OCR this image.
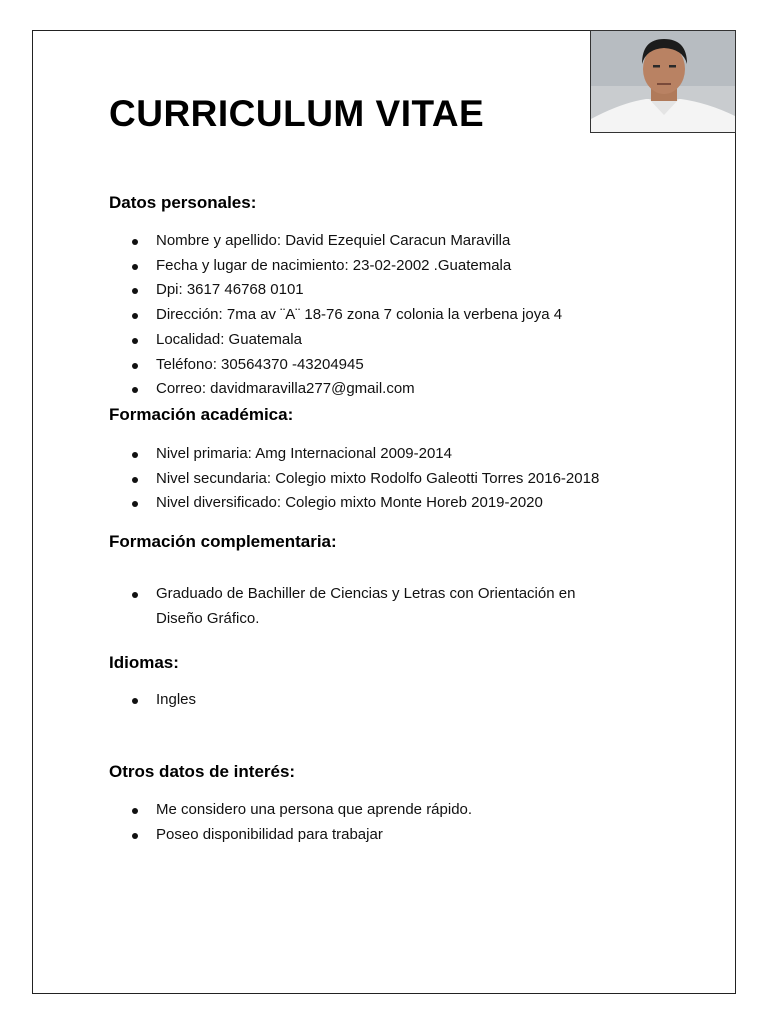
CURRICULUM VITAE
Datos personales:
Nombre y apellido: David Ezequiel Caracun Maravilla
Fecha y lugar de nacimiento: 23-02-2002 .Guatemala
Dpi: 3617 46768 0101
Dirección: 7ma av ¨A¨ 18-76 zona 7 colonia la verbena joya 4
Localidad: Guatemala
Teléfono: 30564370 -43204945
Correo: davidmaravilla277@gmail.com
Formación académica:
Nivel primaria: Amg Internacional 2009-2014
Nivel secundaria: Colegio mixto Rodolfo Galeotti Torres 2016-2018
Nivel diversificado: Colegio mixto Monte Horeb 2019-2020
Formación complementaria:
Graduado de Bachiller de Ciencias y Letras con Orientación en Diseño Gráfico.
Idiomas:
Ingles
Otros datos de interés:
Me considero una persona que aprende rápido.
Poseo disponibilidad para trabajar
